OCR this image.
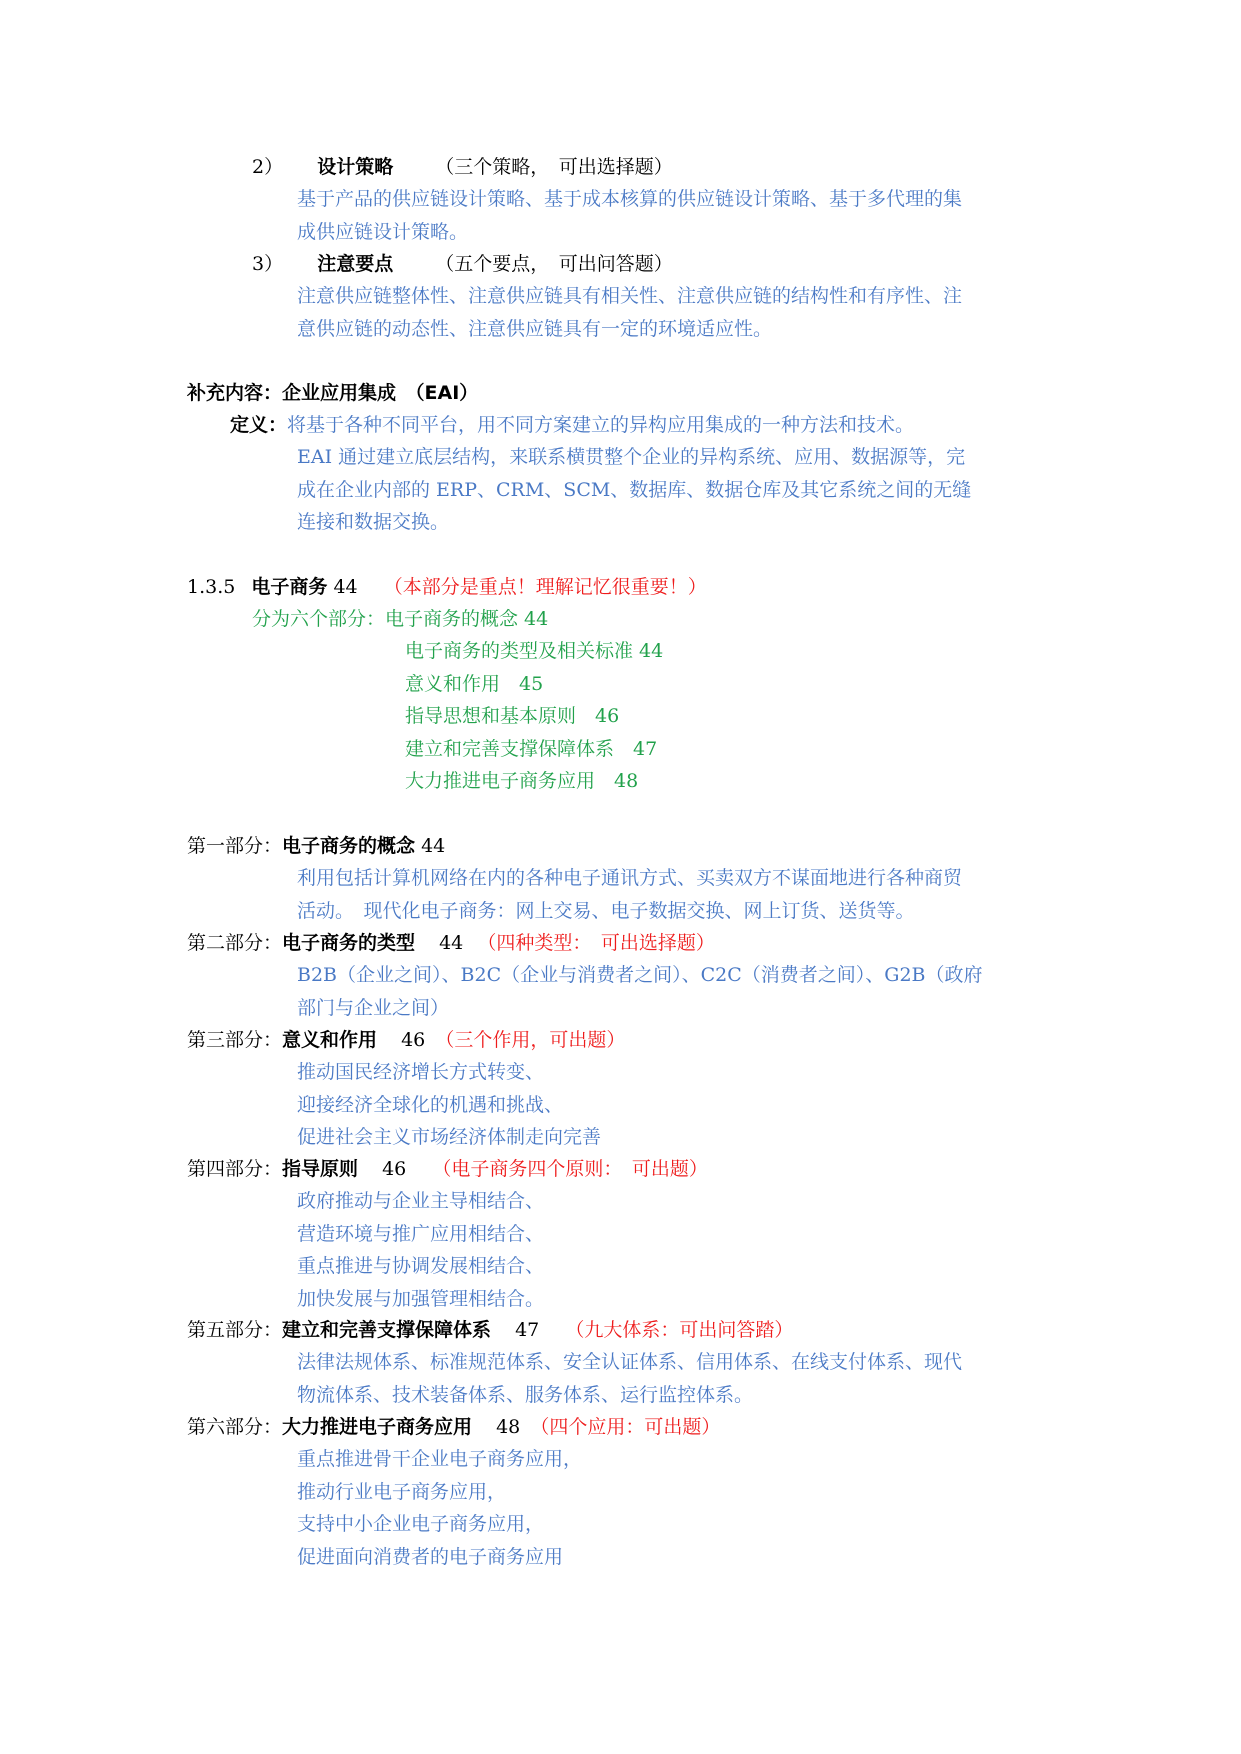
2） 设计策略 （三个策略，　可出选择题）
基于产品的供应链设计策略、基于成本核算的供应链设计策略、基于多代理的集
成供应链设计策略。
3） 注意要点 （五个要点，　可出问答题）
注意供应链整体性、注意供应链具有相关性、注意供应链的结构性和有序性、注
意供应链的动态性、注意供应链具有一定的环境适应性。
补充内容：企业应用集成　（EAI）
定义：将基于各种不同平台，用不同方案建立的异构应用集成的一种方法和技术。
EAI 通过建立底层结构，来联系横贯整个企业的异构系统、应用、数据源等，完
成在企业内部的 ERP、CRM、SCM、数据库、数据仓库及其它系统之间的无缝
连接和数据交换。
1.3.5 电子商务 44 （本部分是重点！理解记忆很重要！）
分为六个部分：电子商务的概念 44
电子商务的类型及相关标准 44
意义和作用　45
指导思想和基本原则　46
建立和完善支撑保障体系　47
大力推进电子商务应用　48
第一部分：电子商务的概念 44
利用包括计算机网络在内的各种电子通讯方式、买卖双方不谋面地进行各种商贸
活动。　现代化电子商务：网上交易、电子数据交换、网上订货、送货等。
第二部分：电子商务的类型 44 （四种类型：　可出选择题）
B2B（企业之间）、B2C（企业与消费者之间）、C2C（消费者之间）、G2B（政府
部门与企业之间）
第三部分：意义和作用 46 （三个作用，可出题）
推动国民经济增长方式转变、
迎接经济全球化的机遇和挑战、
促进社会主义市场经济体制走向完善
第四部分：指导原则 46 （电子商务四个原则：　可出题）
政府推动与企业主导相结合、
营造环境与推广应用相结合、
重点推进与协调发展相结合、
加快发展与加强管理相结合。
第五部分：建立和完善支撑保障体系 47 （九大体系：可出问答踏）
法律法规体系、标准规范体系、安全认证体系、信用体系、在线支付体系、现代
物流体系、技术装备体系、服务体系、运行监控体系。
第六部分：大力推进电子商务应用 48 （四个应用：可出题）
重点推进骨干企业电子商务应用，
推动行业电子商务应用，
支持中小企业电子商务应用，
促进面向消费者的电子商务应用
